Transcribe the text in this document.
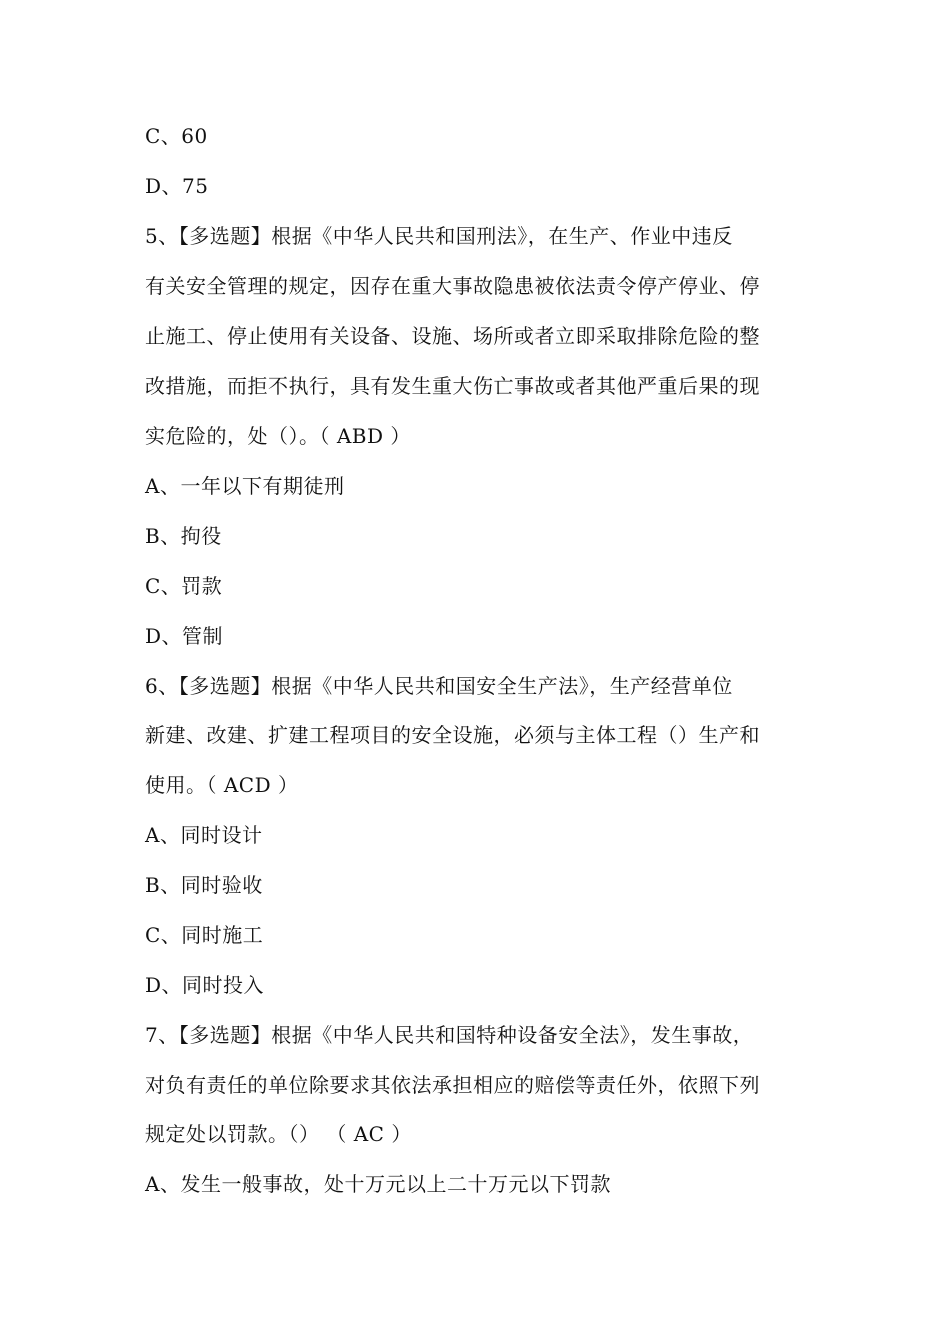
C、60
D、75
5、【多选题】根据《中华人民共和国刑法》，在生产、作业中违反
有关安全管理的规定，因存在重大事故隐患被依法责令停产停业、停
止施工、停止使用有关设备、设施、场所或者立即采取排除危险的整
改措施，而拒不执行，具有发生重大伤亡事故或者其他严重后果的现
实危险的，处（）。（ ABD ）
A、一年以下有期徒刑
B、拘役
C、罚款
D、管制
6、【多选题】根据《中华人民共和国安全生产法》，生产经营单位
新建、改建、扩建工程项目的安全设施，必须与主体工程（）生产和
使用。（ ACD ）
A、同时设计
B、同时验收
C、同时施工
D、同时投入
7、【多选题】根据《中华人民共和国特种设备安全法》，发生事故，
对负有责任的单位除要求其依法承担相应的赔偿等责任外，依照下列
规定处以罚款。（） （ AC ）
A、发生一般事故，处十万元以上二十万元以下罚款
